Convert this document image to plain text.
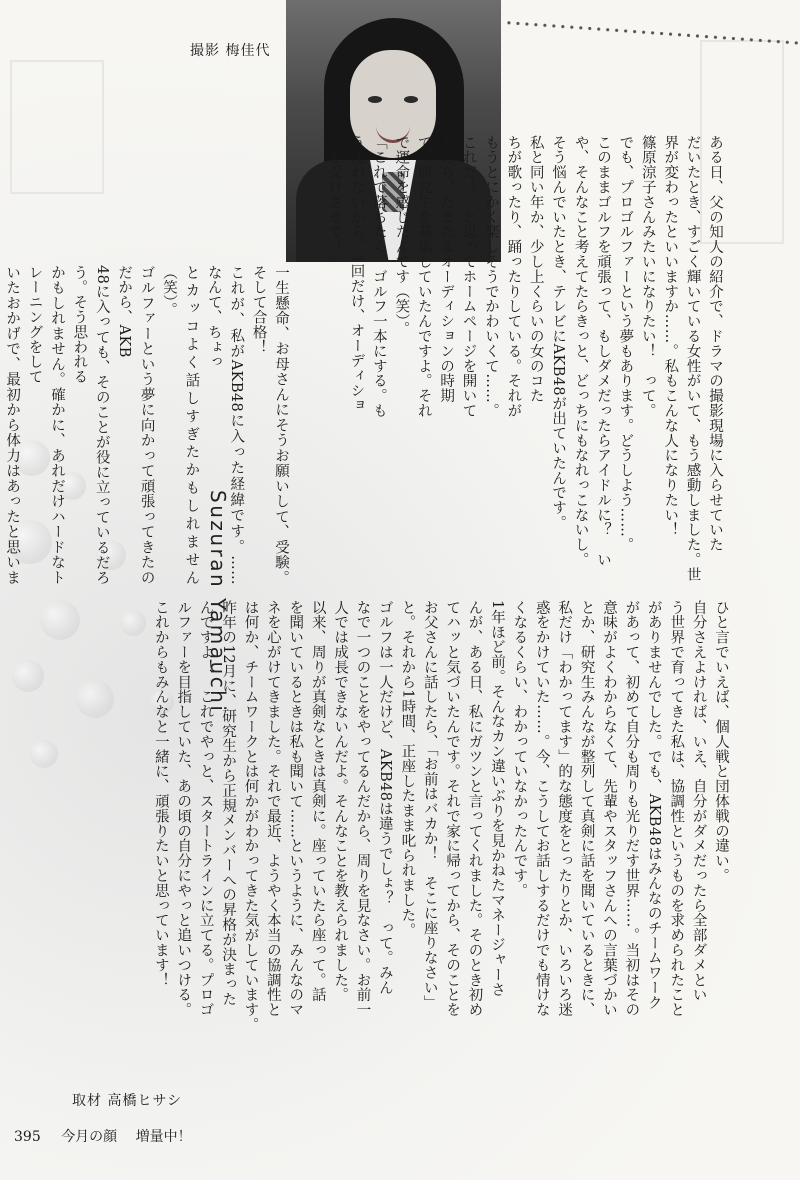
撮影 梅佳代

ある日、父の知人の紹介で、ドラマの撮影現場に入らせていた
だいたとき、すごく輝いている女性がいて、もう感動しました。世
界が変わったといいますか……。私もこんな人になりたい！
篠原涼子さんみたいになりたい！　って。
でも、プロゴルファーという夢もあります。どうしよう……。
このままゴルフを頑張って、もしダメだったらアイドルに？　い
や、そんなこと考えてたらきっと、どっちにもなれっこないし。
そう悩んでいたとき、テレビにAKB48が出ていたんです。
私と同い年か、少し上くらいの女のコた
ちが歌ったり、踊ったりしている。それが
もうとにかく楽しそうでかわいくて……。
これだ！　と思ってホームページを開いて
みたら、たまたまオーディションの時期
で、研究生を募集していたんですよ。それ
で運命を感じたんです（笑）。
「これで落ちたら、ゴルフ一本にする。も
う迷わないから、1回だけ、オーディショ
ンを受けさせて！」

一生懸命、お母さんにそうお願いして、受験。そして合格！
これが、私がAKB48に入った経緯です。……なんて、ちょっ
とカッコよく話しすぎたかもしれません（笑）。
ゴルファーという夢に向かって頑張ってきたのだから、AKB
48に入っても、そのことが役に立っているだろう。そう思われる
かもしれません。確かに、あれだけハードなトレーニングをして
いたおかげで、最初から体力はあったと思いま	Suzuran Yamauchi	ひと言でいえば、個人戦と団体戦の違い。
自分さえよければ、いえ、自分がダメだったら全部ダメとい
う世界で育ってきた私は、協調性というものを求められたこと
がありませんでした。でも、AKB48はみんなのチームワーク
があって、初めて自分も周りも光りだす世界……。当初はその
意味がよくわからなくて、先輩やスタッフさんへの言葉づかい
とか、研究生みんなが整列して真剣に話を聞いているときに、
私だけ「わかってます」的な態度をとったりとか、いろいろ迷
惑をかけていた……。今、こうしてお話しするだけでも情けな
くなるくらい、わかっていなかったんです。
1年ほど前。そんなカン違いぶりを見かねたマネージャーさ
んが、ある日、私にガツンと言ってくれました。そのとき初め
てハッと気づいたんです。それで家に帰ってから、そのことを
お父さんに話したら、「お前はバカか！　そこに座りなさい」
と。それから1時間、正座したまま叱られました。
ゴルフは一人だけど、AKB48は違うでしょ？　って。みん
なで一つのことをやってるんだから、周りを見なさい。お前一
人では成長できないんだよ。そんなことを教えられました。
以来、周りが真剣なときは真剣に。座っていたら座って。話
を聞いているときは私も聞いて……というように、みんなのマ
ネを心がけてきました。それで最近、ようやく本当の協調性と
は何か、チームワークとは何かがわかってきた気がしています。
昨年の12月に、研究生から正規メンバーへの昇格が決まった
んですよ！　これでやっと、スタートラインに立てる。プロゴ
ルファーを目指していた、あの頃の自分にやっと追いつける。
これからもみんなと一緒に、頑張りたいと思っています！

取材 高橋ヒサシ
395 今月の顔 増量中！
